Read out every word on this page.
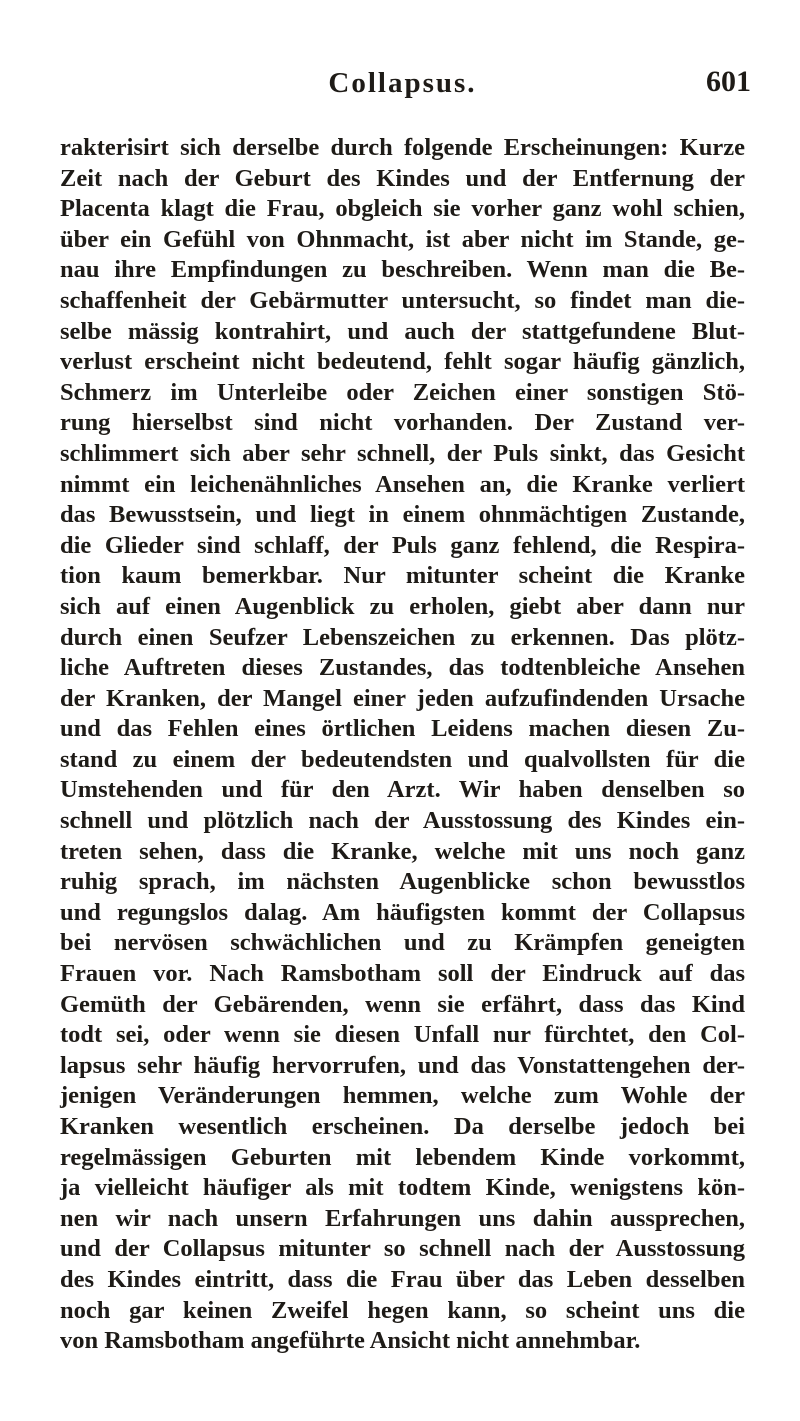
Collapsus.	601
rakterisirt sich derselbe durch folgende Erscheinungen: Kurze
Zeit nach der Geburt des Kindes und der Entfernung der
Placenta klagt die Frau, obgleich sie vorher ganz wohl schien,
über ein Gefühl von Ohnmacht, ist aber nicht im Stande, ge-
nau ihre Empfindungen zu beschreiben. Wenn man die Be-
schaffenheit der Gebärmutter untersucht, so findet man die-
selbe mässig kontrahirt, und auch der stattgefundene Blut-
verlust erscheint nicht bedeutend, fehlt sogar häufig gänzlich,
Schmerz im Unterleibe oder Zeichen einer sonstigen Stö-
rung hierselbst sind nicht vorhanden. Der Zustand ver-
schlimmert sich aber sehr schnell, der Puls sinkt, das Gesicht
nimmt ein leichenähnliches Ansehen an, die Kranke verliert
das Bewusstsein, und liegt in einem ohnmächtigen Zustande,
die Glieder sind schlaff, der Puls ganz fehlend, die Respira-
tion kaum bemerkbar. Nur mitunter scheint die Kranke
sich auf einen Augenblick zu erholen, giebt aber dann nur
durch einen Seufzer Lebenszeichen zu erkennen. Das plötz-
liche Auftreten dieses Zustandes, das todtenbleiche Ansehen
der Kranken, der Mangel einer jeden aufzufindenden Ursache
und das Fehlen eines örtlichen Leidens machen diesen Zu-
stand zu einem der bedeutendsten und qualvollsten für die
Umstehenden und für den Arzt. Wir haben denselben so
schnell und plötzlich nach der Ausstossung des Kindes ein-
treten sehen, dass die Kranke, welche mit uns noch ganz
ruhig sprach, im nächsten Augenblicke schon bewusstlos
und regungslos dalag. Am häufigsten kommt der Collapsus
bei nervösen schwächlichen und zu Krämpfen geneigten
Frauen vor. Nach Ramsbotham soll der Eindruck auf das
Gemüth der Gebärenden, wenn sie erfährt, dass das Kind
todt sei, oder wenn sie diesen Unfall nur fürchtet, den Col-
lapsus sehr häufig hervorrufen, und das Vonstattengehen der-
jenigen Veränderungen hemmen, welche zum Wohle der
Kranken wesentlich erscheinen. Da derselbe jedoch bei
regelmässigen Geburten mit lebendem Kinde vorkommt,
ja vielleicht häufiger als mit todtem Kinde, wenigstens kön-
nen wir nach unsern Erfahrungen uns dahin aussprechen,
und der Collapsus mitunter so schnell nach der Ausstossung
des Kindes eintritt, dass die Frau über das Leben desselben
noch gar keinen Zweifel hegen kann, so scheint uns die
von Ramsbotham angeführte Ansicht nicht annehmbar.
